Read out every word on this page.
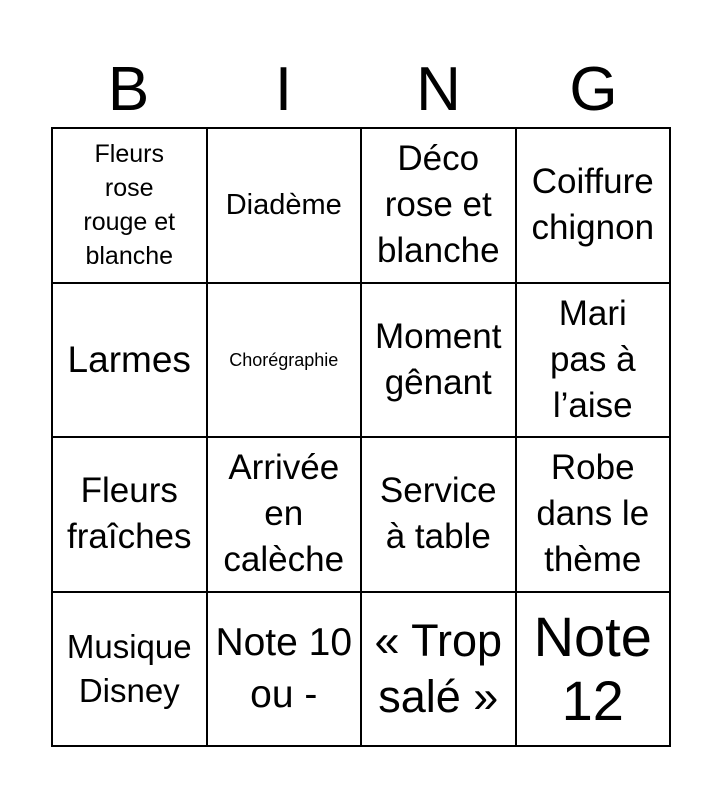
B	I	N	G
Fleurs rose rouge et blanche
Diadème
Déco rose et blanche
Coiffure chignon
Larmes Chorégraphie
Moment gênant
Mari pas à l’aise
Fleurs fraîches
Arrivée en calèche
Service à table
Robe dans le thème
Musique Disney
Note 10 ou -
« Trop salé »
Note 12
